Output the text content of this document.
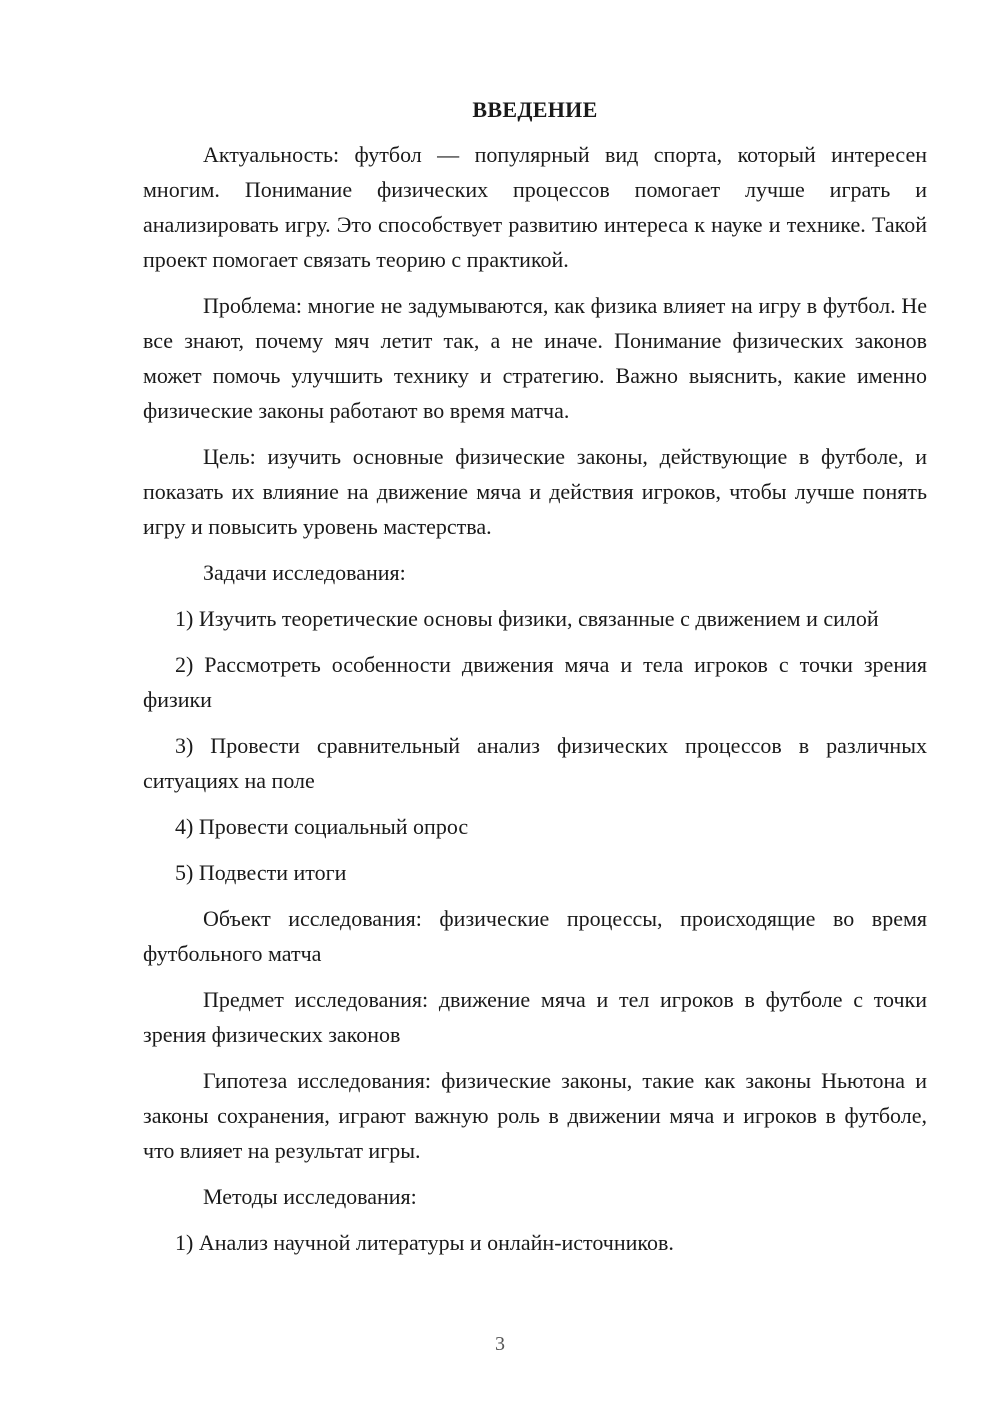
ВВЕДЕНИЕ

Актуальность: футбол — популярный вид спорта, который интересен многим. Понимание физических процессов помогает лучше играть и анализировать игру. Это способствует развитию интереса к науке и технике. Такой проект помогает связать теорию с практикой.

Проблема: многие не задумываются, как физика влияет на игру в футбол. Не все знают, почему мяч летит так, а не иначе. Понимание физических законов может помочь улучшить технику и стратегию. Важно выяснить, какие именно физические законы работают во время матча.

Цель: изучить основные физические законы, действующие в футболе, и показать их влияние на движение мяча и действия игроков, чтобы лучше понять игру и повысить уровень мастерства.

Задачи исследования:

1) Изучить теоретические основы физики, связанные с движением и силой

2) Рассмотреть особенности движения мяча и тела игроков с точки зрения физики

3) Провести сравнительный анализ физических процессов в различных ситуациях на поле

4) Провести социальный опрос

5) Подвести итоги

Объект исследования: физические процессы, происходящие во время футбольного матча

Предмет исследования: движение мяча и тел игроков в футболе с точки зрения физических законов

Гипотеза исследования: физические законы, такие как законы Ньютона и законы сохранения, играют важную роль в движении мяча и игроков в футболе, что влияет на результат игры.

Методы исследования:

1) Анализ научной литературы и онлайн-источников.

3
